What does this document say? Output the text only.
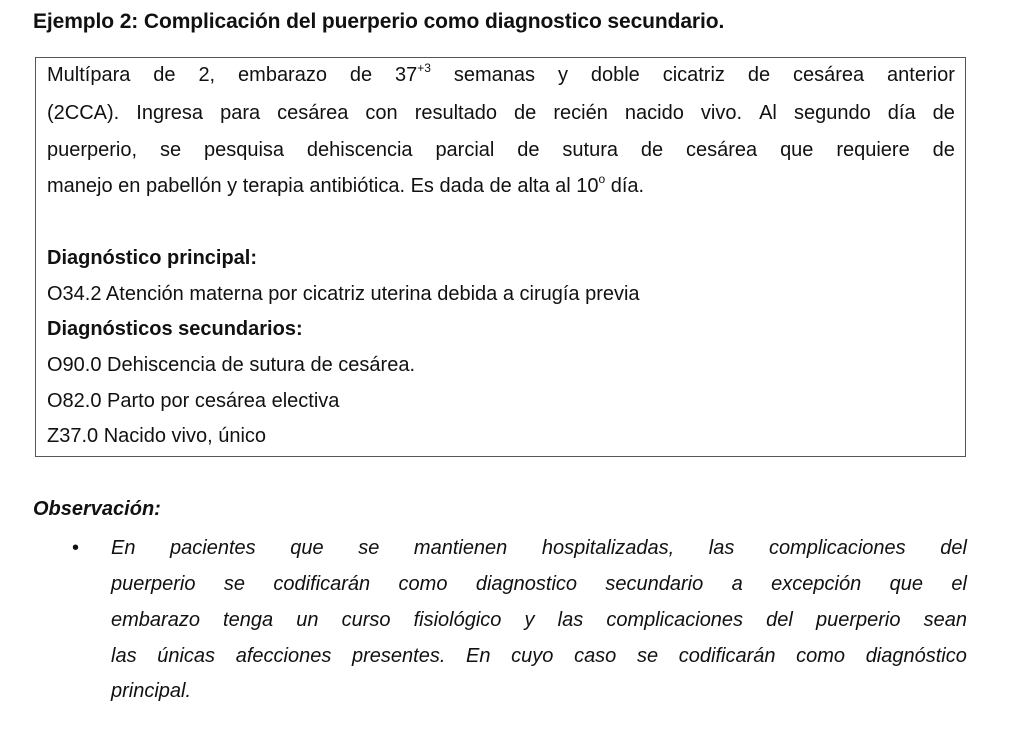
Ejemplo 2: Complicación del puerperio como diagnostico secundario.
Multípara de 2, embarazo de $37^{+3}$ semanas y doble cicatriz de cesárea anterior
(2CCA). Ingresa para cesárea con resultado de recién nacido vivo. Al segundo día de
puerperio, se pesquisa dehiscencia parcial de sutura de cesárea que requiere de
manejo en pabellón y terapia antibiótica. Es dada de alta al 10$^o$ día.
Diagnóstico principal:
O34.2 Atención materna por cicatriz uterina debida a cirugía previa
Diagnósticos secundarios:
O90.0 Dehiscencia de sutura de cesárea.
O82.0 Parto por cesárea electiva
Z37.0 Nacido vivo, único
Observación:
• En pacientes que se mantienen hospitalizadas, las complicaciones del
puerperio se codificarán como diagnostico secundario a excepción que el
embarazo tenga un curso fisiológico y las complicaciones del puerperio sean
las únicas afecciones presentes. En cuyo caso se codificarán como diagnóstico
principal.
